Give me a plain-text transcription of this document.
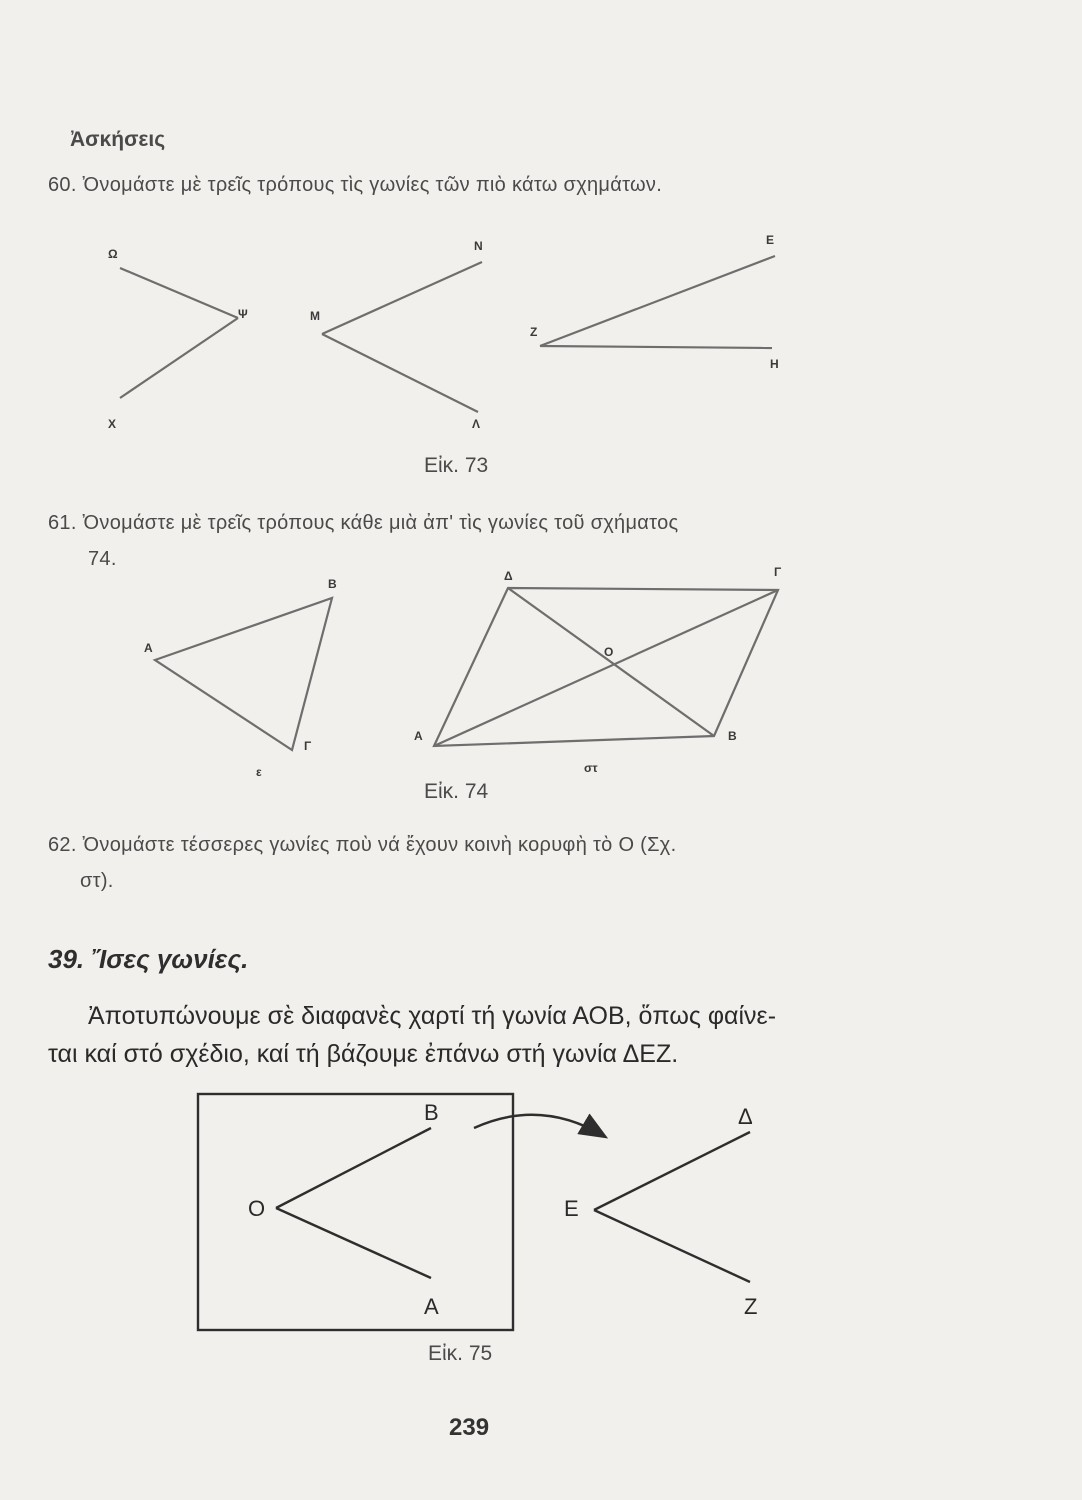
Ἀσκήσεις
60. Ὀνομάστε μὲ τρεῖς τρόπους τὶς γωνίες τῶν πιὸ κάτω σχημάτων.
Ω
Χ
Ψ
Ν
Μ
Λ
Ε
Ζ
Η
Εἰκ. 73
61. Ὀνομάστε μὲ τρεῖς τρόπους κάθε μιὰ ἀπ' τὶς γωνίες τοῦ σχήματος
74.
Β
Α
Γ
ε
Δ	Γ
Ο
Α	Β
στ
Εἰκ. 74
62. Ὀνομάστε τέσσερες γωνίες ποὺ νά ἔχουν κοινὴ κορυφὴ τὸ Ο (Σχ.
στ).
39. Ἴσες γωνίες.
Ἀποτυπώνουμε σὲ διαφανὲς χαρτί τή γωνία ΑΟΒ, ὅπως φαίνε-
ται καί στό σχέδιο, καί τή βάζουμε ἐπάνω στή γωνία ΔΕΖ.
Β
Ο
Α
Δ
Ε
Ζ
Εἰκ. 75
239
